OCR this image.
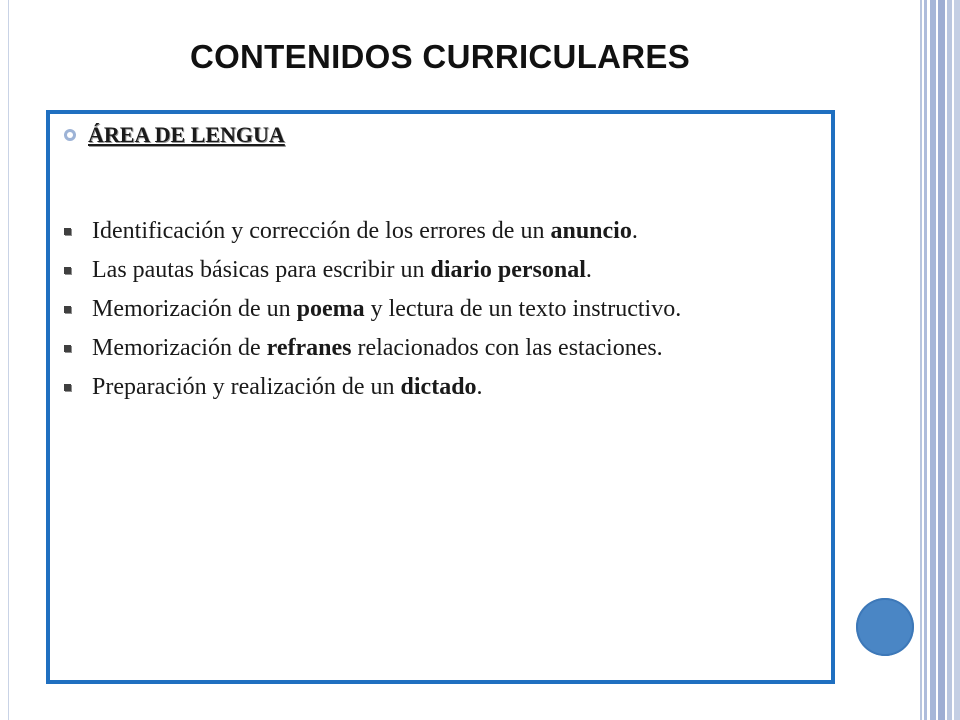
CONTENIDOS CURRICULARES
ÁREA DE LENGUA
Identificación y corrección de los errores de un anuncio.
Las pautas básicas para escribir un diario personal.
Memorización de un poema y lectura de un texto instructivo.
Memorización de refranes relacionados con las estaciones.
Preparación y realización de un dictado.
